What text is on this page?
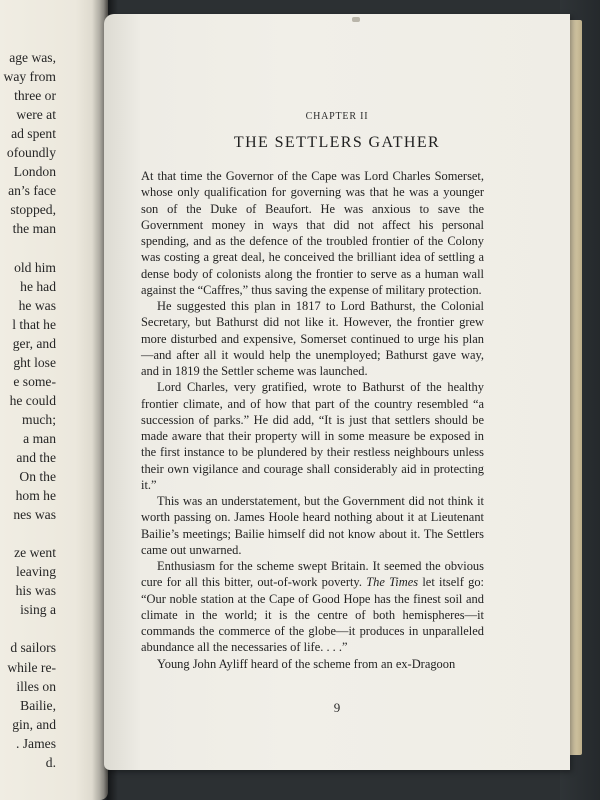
age was,
way from
three or
were at
ad spent
ofoundly
London
an’s face
stopped,
the man
old him
he had
he was
l that he
ger, and
ght lose
e some-
he could
much;
a man
and the
On the
hom he
nes was
ze went
leaving
his was
ising a
d sailors
while re-
illes on
Bailie,
gin, and
. James
d.
CHAPTER II
THE SETTLERS GATHER

At that time the Governor of the Cape was Lord Charles Somerset, whose only qualification for governing was that he was a younger son of the Duke of Beaufort. He was anxious to save the Government money in ways that did not affect his personal spending, and as the defence of the troubled frontier of the Colony was costing a great deal, he conceived the brilliant idea of settling a dense body of colonists along the frontier to serve as a human wall against the “Caffres,” thus saving the expense of military protection.

He suggested this plan in 1817 to Lord Bathurst, the Colonial Secretary, but Bathurst did not like it. However, the frontier grew more disturbed and expensive, Somerset continued to urge his plan—and after all it would help the unemployed; Bathurst gave way, and in 1819 the Settler scheme was launched.

Lord Charles, very gratified, wrote to Bathurst of the healthy frontier climate, and of how that part of the country resembled “a succession of parks.” He did add, “It is just that settlers should be made aware that their property will in some measure be exposed in the first instance to be plundered by their restless neighbours unless their own vigilance and courage shall considerably aid in protecting it.”

This was an understatement, but the Government did not think it worth passing on. James Hoole heard nothing about it at Lieutenant Bailie’s meetings; Bailie himself did not know about it. The Settlers came out unwarned.

Enthusiasm for the scheme swept Britain. It seemed the obvious cure for all this bitter, out-of-work poverty. The Times let itself go: “Our noble station at the Cape of Good Hope has the finest soil and climate in the world; it is the centre of both hemispheres—it commands the commerce of the globe—it produces in unparalleled abundance all the necessaries of life. . . .”

Young John Ayliff heard of the scheme from an ex-Dragoon

9
